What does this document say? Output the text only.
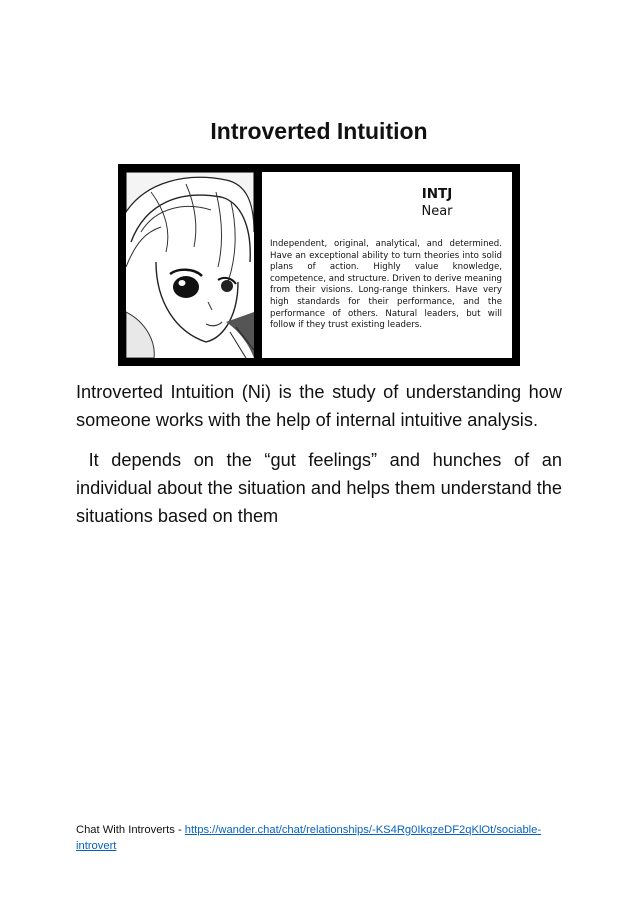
Introverted Intuition
INTJ
Near
Independent, original, analytical, and determined. Have an exceptional ability to turn theories into solid plans of action. Highly value knowledge, competence, and structure. Driven to derive meaning from their visions. Long-range thinkers. Have very high standards for their performance, and the performance of others. Natural leaders, but will follow if they trust existing leaders.
Introverted Intuition (Ni) is the study of understanding how someone works with the help of internal intuitive analysis.
It depends on the “gut feelings” and hunches of an individual about the situation and helps them understand the situations based on them
Chat With Introverts - https://wander.chat/chat/relationships/-KS4Rg0IkqzeDF2qKlOt/sociable-introvert
